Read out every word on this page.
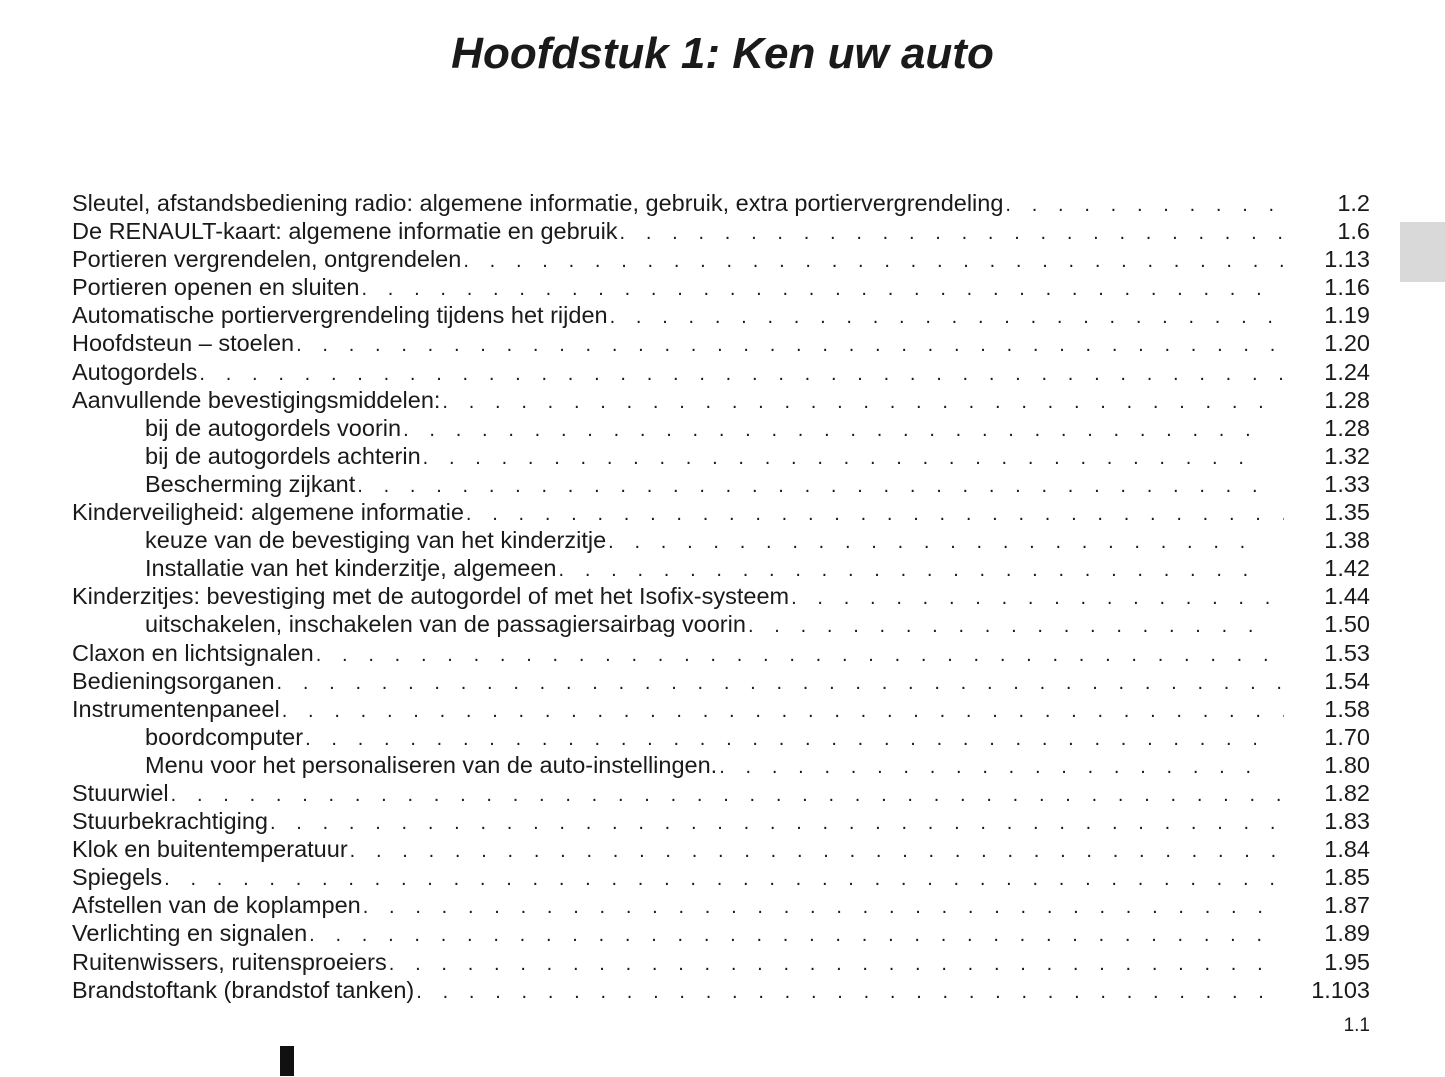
Hoofdstuk 1: Ken uw auto
Sleutel, afstandsbediening radio: algemene informatie, gebruik, extra portiervergrendeling . . .	1.2
De RENAULT-kaart: algemene informatie en gebruik . . .	1.6
Portieren vergrendelen, ontgrendelen . . .	1.13
Portieren openen en sluiten . . .	1.16
Automatische portiervergrendeling tijdens het rijden . . .	1.19
Hoofdsteun – stoelen . . .	1.20
Autogordels . . .	1.24
Aanvullende bevestigingsmiddelen: . . .	1.28
bij de autogordels voorin . . .	1.28
bij de autogordels achterin . . .	1.32
Bescherming zijkant . . .	1.33
Kinderveiligheid: algemene informatie . . .	1.35
keuze van de bevestiging van het kinderzitje . . .	1.38
Installatie van het kinderzitje, algemeen . . .	1.42
Kinderzitjes: bevestiging met de autogordel of met het Isofix-systeem . . .	1.44
uitschakelen, inschakelen van de passagiersairbag voorin . . .	1.50
Claxon en lichtsignalen . . .	1.53
Bedieningsorganen . . .	1.54
Instrumentenpaneel . . .	1.58
boordcomputer . . .	1.70
Menu voor het personaliseren van de auto-instellingen. . . .	1.80
Stuurwiel . . .	1.82
Stuurbekrachtiging . . .	1.83
Klok en buitentemperatuur . . .	1.84
Spiegels . . .	1.85
Afstellen van de koplampen . . .	1.87
Verlichting en signalen . . .	1.89
Ruitenwissers, ruitensproeiers . . .	1.95
Brandstoftank (brandstof tanken) . . .	1.103
1.1
